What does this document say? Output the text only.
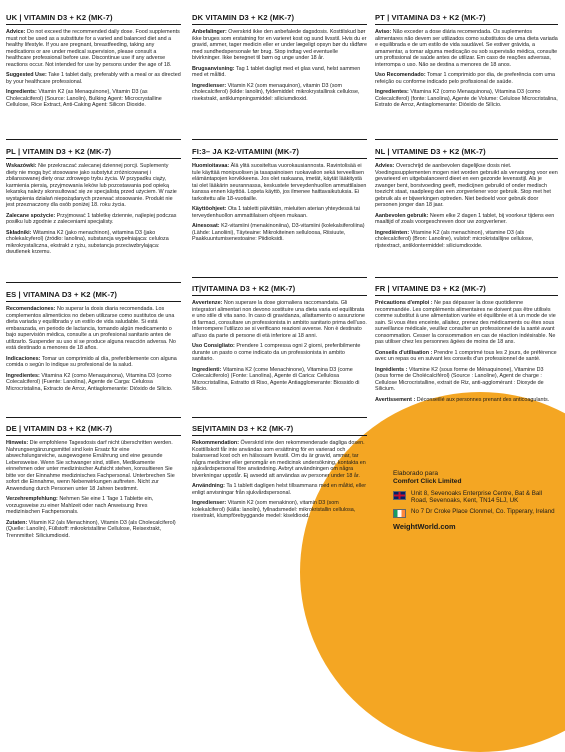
UK | VITAMIN D3 + K2 (MK-7)

Advice: Do not exceed the recommended daily dose. Food supplements must not be used as a substitute for a varied and balanced diet and a healthy lifestyle. If you are pregnant, breastfeeding, taking any medications or are under medical supervision, please consult a healthcare professional before use. Discontinue use if any adverse reactions occur. Not intended for use by persons under the age of 18.

Suggested Use: Take 1 tablet daily, preferably with a meal or as directed by your healthcare professional.

Ingredients: Vitamin K2 (as Menaquinone), Vitamin D3 (as Cholecalciferol) (Source: Lanolin), Bulking Agent: Microcrystalline Cellulose, Rice Extract, Anti-Caking Agent: Silicon Dioxide.

PL | VITAMIN D3 + K2 (MK-7)

Wskazówki: Nie przekraczać zalecanej dziennej porcji. Suplementy diety nie mogą być stosowane jako substytut zróżnicowanej i zbilansowanej diety oraz zdrowego trybu życia. W przypadku ciąży, karmienia piersią, przyjmowania leków lub pozostawania pod opieką lekarską należy skonsultować się ze specjalistą przed użyciem. W razie wystąpienia działań niepożądanych przerwać stosowanie. Produkt nie jest przeznaczony dla osób poniżej 18. roku życia.

Zalecane spożycie: Przyjmować 1 tabletkę dziennie, najlepiej podczas posiłku lub zgodnie z zaleceniami specjalisty.

Składniki: Witamina K2 (jako menachinon), witamina D3 (jako cholekalcyferol) (źródło: lanolina), substancja wypełniająca: celuloza mikrokrystaliczna, ekstrakt z ryżu, substancja przeciwzbrylająca: dwutlenek krzemu.

ES | VITAMINA D3 + K2 (MK-7)

Recomendaciones: No superar la dosis diaria recomendada. Los complementos alimenticios no deben utilizarse como sustitutos de una dieta variada y equilibrada y un estilo de vida saludable. Si está embarazada, en periodo de lactancia, tomando algún medicamento o bajo supervisión médica, consulte a un profesional sanitario antes de utilizarlo. Suspender su uso si se produce alguna reacción adversa. No está destinado a menores de 18 años.

Indicaciones: Tomar un comprimido al día, preferiblemente con alguna comida o según lo indique su profesional de la salud.

Ingredientes: Vitamina K2 (como Menaquinona), Vitamina D3 (como Colecalciferol) (Fuente: Lanolina), Agente de Carga: Celulosa Microcristalina, Extracto de Arroz, Antiaglomerante: Dióxido de Silicio.

DE | VITAMIN D3 + K2 (MK-7)

Hinweis: Die empfohlene Tagesdosis darf nicht überschritten werden. Nahrungsergänzungsmittel sind kein Ersatz für eine abwechslungsreiche, ausgewogene Ernährung und eine gesunde Lebensweise. Wenn Sie schwanger sind, stillen, Medikamente einnehmen oder unter medizinischer Aufsicht stehen, konsultieren Sie bitte vor der Einnahme medizinisches Fachpersonal. Unterbrechen Sie sofort die Einnahme, wenn Nebenwirkungen auftreten. Nicht zur Anwendung durch Personen unter 18 Jahren bestimmt.

Verzehrempfehlung: Nehmen Sie eine 1 Tage 1 Tablette ein, vorzugsweise zu einer Mahlzeit oder nach Anweisung Ihres medizinischen Fachpersonals.

Zutaten: Vitamin K2 (als Menachinon), Vitamin D3 (als Cholecalciferol) (Quelle: Lanolin), Füllstoff: mikrokristalline Cellulose, Reisextrakt, Trennmittel: Siliciumdioxid.

DK VITAMIN D3 + K2 (MK-7)

Anbefalinger: Overskrid ikke den anbefalede dagsdosis. Kosttilskud bør ikke bruges som erstatning for en varieret kost og sund livsstil. Hvis du er gravid, ammer, tager medicin eller er under lægeligt opsyn bør du rådføre med sundhedspersonale før brug. Stop indtag ved eventuelle bivirkninger. Ikke beregnet til børn og unge under 18 år.

Brugsanvisning: Tag 1 tablet dagligt med et glas vand, helst sammen med et måltid.

Ingredienser: Vitamin K2 (som menaquinon), vitamin D3 (som cholecalciferol) (kilde: lanolin), fyldemiddel: mikrokrystallinsk cellulose, risekstrakt, antiklumpningsmiddel: siliciumdioxid.

FI:3– JA K2-VITAMIINI (MK-7)

Huomioitavaa: Älä ylitä suositeltua vuorokausiannosta. Ravintolisää ei tule käyttää monipuolisen ja tasapainoisen ruokavalion sekä terveellisen elämäntapojen korvikkeena. Jos olet raskaana, imetät, käytät lääkitystä tai olet lääkärin seurannassa, keskustele terveydenhuollon ammattilaisen kanssa ennen käyttöä. Lopeta käyttö, jos ilmenee haittavaikutuksia. Ei tarkoitettu alle 18-vuotiaille.

Käyttöohjeet: Ota 1 tabletti päivittäin, mieluiten aterian yhteydessä tai terveydenhuollon ammattilaisen ohjeen mukaan.

Ainesosat: K2-vitamiini (menakinoniina), D3-vitamiini (kolekalsiferoliina) (Lähde: Lanoliini), Täyteaine: Mikrokiteinen selluloosa, Riisiuute, Paakkuuntumisenestoaine: Piidioksidi.

IT|VITAMINA D3 + K2 (MK-7)

Avvertenze: Non superare la dose giornaliera raccomandata. Gli integratori alimentari non devono sostituire una dieta varia ed equilibrata e uno stile di vita sano. In caso di gravidanza, allattamento o assunzione di farmaci, consultare un professionista in ambito sanitario prima dell'uso. Interrompere l'utilizzo se si verificano reazioni avverse. Non è destinato all'uso da parte di persone di età inferiore ai 18 anni.

Uso Consigliato: Prendere 1 compressa ogni 2 giorni, preferibilmente durante un pasto o come indicato da un professionista in ambito sanitario.

Ingredienti: Vitamina K2 (come Menachinone), Vitamina D3 (come Colecalciferolo) (Fonte: Lanolina), Agente di Carica: Cellulosa Microcristallina, Estratto di Riso, Agente Antiagglomerante: Biossido di Silicio.

SE|VITAMIN D3 + K2 (MK-7)

Rekommendation: Överskrid inte den rekommenderade dagliga dosen. Kosttillskott får inte användas som ersättning för en varierad och balanserad kost och en hälsosam livsstil. Om du är gravid, ammar, tar några mediciner eller genomgår en medicinsk undersökning, kontakta en sjukvårdspersonal före användning. Avbryt användningen om några biverkningar uppstår. Ej avsedd att användas av personer under 18 år.

Användning: Ta 1 tablett dagligen helst tillsammans med en måltid, eller enligt anvisningar från sjukvårdspersonal.

Ingredienser: Vitamin K2 (som menakinon), vitamin D3 (som kolekalciferol) (källa: lanolin), fyllnadsmedel: mikrokristallin cellulosa, risextrakt, klumpförebyggande medel: kiseldioxid.

PT | VITAMINA D3 + K2 (MK-7)

Aviso: Não exceder a dose diária recomendada. Os suplementos alimentares não devem ser utilizados como substitutos de uma dieta variada e equilibrada e de um estilo de vida saudável. Se estiver grávida, a amamentar, a tomar alguma medicação ou sob supervisão médica, consulte um profissional de saúde antes de utilizar. Em caso de reações adversas, interrompa o uso. Não se destina a menores de 18 anos.

Uso Recomendado: Tomar 1 comprimido por dia, de preferência com uma refeição ou conforme indicado pelo profissional de saúde.

Ingredientes: Vitamina K2 (como Menaquinona), Vitamina D3 (como Colecalciferol) (fonte: Lanolina), Agente de Volume: Celulose Microcristalina, Extrato de Arroz, Antiaglomerante: Dióxido de Silício.

NL | VITAMINE D3 + K2 (MK-7)

Advies: Overschrijd de aanbevolen dagelijkse dosis niet. Voedingssupplementen mogen niet worden gebruikt als vervanging voor een gevarieerd en uitgebalanceerd dieet en een gezonde levensstijl. Als je zwanger bent, borstvoeding geeft, medicijnen gebruikt of onder medisch toezicht staat, raadpleeg dan een zorgverlener voor gebruik. Stop met het gebruik als er bijwerkingen optreden. Niet bedoeld voor gebruik door personen jonger dan 18 jaar.

Aanbevolen gebruik: Neem elke 2 dagen 1 tablet, bij voorkeur tijdens een maaltijd of zoals voorgeschreven door uw zorgverlener.

Ingrediënten: Vitamine K2 (als menachinon), vitamine D3 (als cholecalciferol) (Bron: Lanoline), vulstof: microkristallijne cellulose, rijstextract, antiklontermiddel: siliciumdioxide.

FR | VITAMINE D3 + K2 (MK-7)

Précautions d'emploi : Ne pas dépasser la dose quotidienne recommandée. Les compléments alimentaires ne doivent pas être utilisés comme substitut à une alimentation variée et équilibrée et à un mode de vie sain. Si vous êtes enceinte, allaitez, prenez des médicaments ou êtes sous surveillance médicale, veuillez consulter un professionnel de la santé avant consommation. Cesser la consommation en cas de réaction indésirable. Ne pas utiliser chez les personnes âgées de moins de 18 ans.

Conseils d'utilisation : Prendre 1 comprimé tous les 2 jours, de préférence avec un repas ou en suivant les conseils d'un professionnel de santé.

Ingrédients : Vitamine K2 (sous forme de Ménaquinone), Vitamine D3 (sous forme de Cholécalciférol) (Source : Lanoline), Agent de charge : Cellulose Microcristalline, extrait de Riz, anti-agglomérant : Dioxyde de Silicium.

Avertissement : Déconseillé aux personnes prenant des anticoagulants.

Elaborado para
Comfort Click Limited
Unit 8, Sevenoaks Enterprise Centre, Bat & Ball Road, Sevenoaks, Kent, TN14 5LJ, UK
No 7 Dr Croke Place Clonmel, Co. Tipperary, Ireland
WeightWorld.com
